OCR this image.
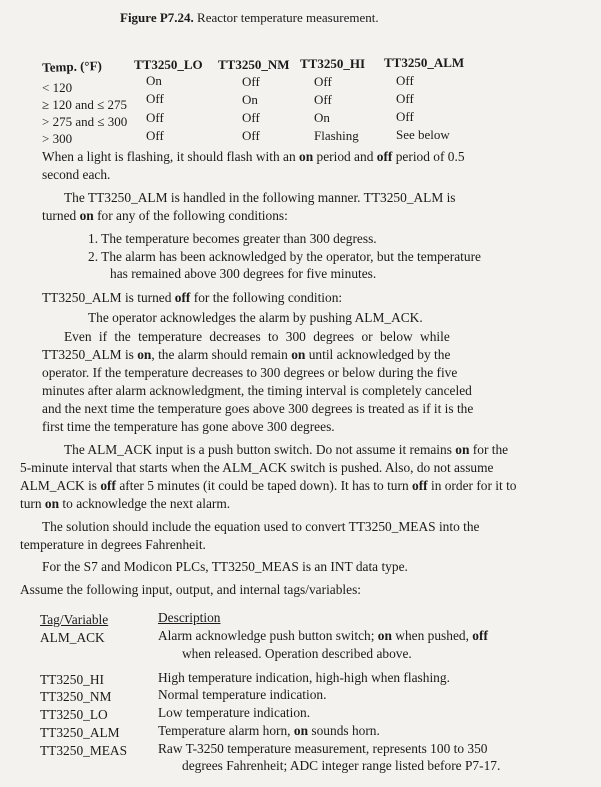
Figure P7.24. Reactor temperature measurement.
Temp. (°F) TT3250_LO TT3250_NM TT3250_HI TT3250_ALM
< 120	On	Off	Off	Off
≥ 120 and ≤ 275 Off	On	Off	Off
> 275 and ≤ 300 Off	Off	On	Off
> 300	Off	Off	Flashing	See below
When a light is flashing, it should flash with an on period and off period of 0.5
second each.
The TT3250_ALM is handled in the following manner. TT3250_ALM is
turned on for any of the following conditions:
1. The temperature becomes greater than 300 degress.
2. The alarm has been acknowledged by the operator, but the temperature
has remained above 300 degrees for five minutes.
TT3250_ALM is turned off for the following condition:
The operator acknowledges the alarm by pushing ALM_ACK.
Even if the temperature decreases to 300 degrees or below while
TT3250_ALM is on, the alarm should remain on until acknowledged by the
operator. If the temperature decreases to 300 degrees or below during the five
minutes after alarm acknowledgment, the timing interval is completely canceled
and the next time the temperature goes above 300 degrees is treated as if it is the
first time the temperature has gone above 300 degrees.
The ALM_ACK input is a push button switch. Do not assume it remains on for the
5-minute interval that starts when the ALM_ACK switch is pushed. Also, do not assume
ALM_ACK is off after 5 minutes (it could be taped down). It has to turn off in order for it to
turn on to acknowledge the next alarm.
The solution should include the equation used to convert TT3250_MEAS into the
temperature in degrees Fahrenheit.
For the S7 and Modicon PLCs, TT3250_MEAS is an INT data type.
Assume the following input, output, and internal tags/variables:
Tag/Variable	Description
ALM_ACK	Alarm acknowledge push button switch; on when pushed, off
when released. Operation described above.
TT3250_HI	High temperature indication, high-high when flashing.
TT3250_NM	Normal temperature indication.
TT3250_LO	Low temperature indication.
TT3250_ALM	Temperature alarm horn, on sounds horn.
TT3250_MEAS Raw T-3250 temperature measurement, represents 100 to 350
degrees Fahrenheit; ADC integer range listed before P7-17.
